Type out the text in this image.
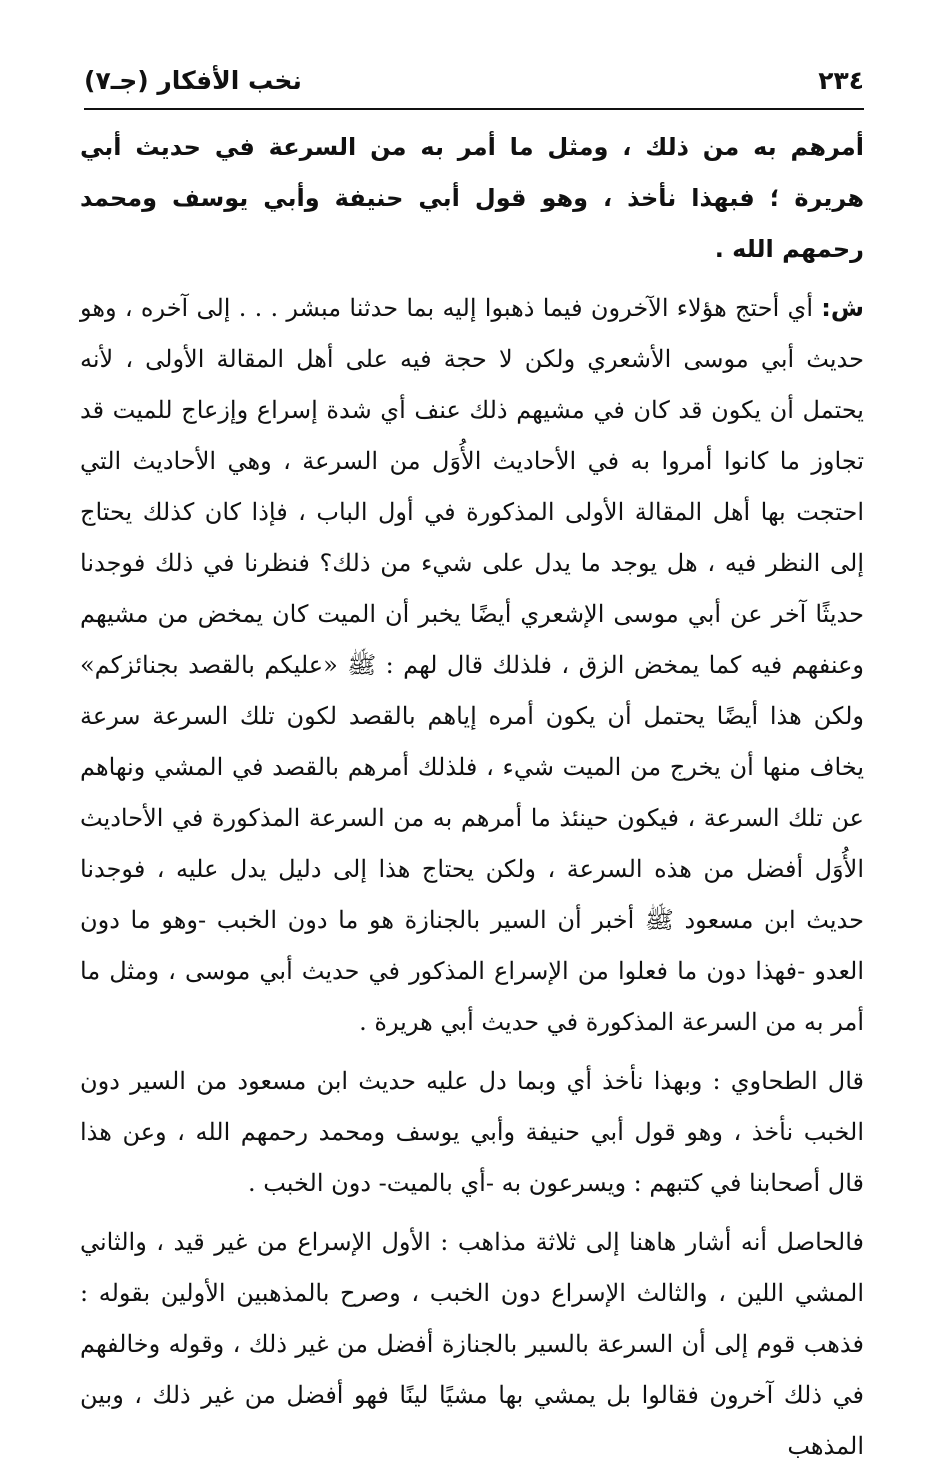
٢٣٤
نخب الأفكار (جـ٧)

أمرهم به من ذلك ، ومثل ما أمر به من السرعة في حديث أبي هريرة ؛ فبهذا نأخذ ، وهو قول أبي حنيفة وأبي يوسف ومحمد رحمهم الله .

ش: أي أحتج هؤلاء الآخرون فيما ذهبوا إليه بما حدثنا مبشر . . . إلى آخره ، وهو حديث أبي موسى الأشعري ولكن لا حجة فيه على أهل المقالة الأولى ، لأنه يحتمل أن يكون قد كان في مشيهم ذلك عنف أي شدة إسراع وإزعاج للميت قد تجاوز ما كانوا أمروا به في الأحاديث الأُوَل من السرعة ، وهي الأحاديث التي احتجت بها أهل المقالة الأولى المذكورة في أول الباب ، فإذا كان كذلك يحتاج إلى النظر فيه ، هل يوجد ما يدل على شيء من ذلك؟ فنظرنا في ذلك فوجدنا حديثًا آخر عن أبي موسى الإشعري أيضًا يخبر أن الميت كان يمخض من مشيهم وعنفهم فيه كما يمخض الزق ، فلذلك قال لهم : ﷺ «عليكم بالقصد بجنائزكم» ولكن هذا أيضًا يحتمل أن يكون أمره إياهم بالقصد لكون تلك السرعة سرعة يخاف منها أن يخرج من الميت شيء ، فلذلك أمرهم بالقصد في المشي ونهاهم عن تلك السرعة ، فيكون حينئذ ما أمرهم به من السرعة المذكورة في الأحاديث الأُوَل أفضل من هذه السرعة ، ولكن يحتاج هذا إلى دليل يدل عليه ، فوجدنا حديث ابن مسعود ﷺ أخبر أن السير بالجنازة هو ما دون الخبب -وهو ما دون العدو -فهذا دون ما فعلوا من الإسراع المذكور في حديث أبي موسى ، ومثل ما أمر به من السرعة المذكورة في حديث أبي هريرة .

قال الطحاوي : وبهذا نأخذ أي وبما دل عليه حديث ابن مسعود من السير دون الخبب نأخذ ، وهو قول أبي حنيفة وأبي يوسف ومحمد رحمهم الله ، وعن هذا قال أصحابنا في كتبهم : ويسرعون به -أي بالميت- دون الخبب .

فالحاصل أنه أشار هاهنا إلى ثلاثة مذاهب : الأول الإسراع من غير قيد ، والثاني المشي اللين ، والثالث الإسراع دون الخبب ، وصرح بالمذهبين الأولين بقوله : فذهب قوم إلى أن السرعة بالسير بالجنازة أفضل من غير ذلك ، وقوله وخالفهم في ذلك آخرون فقالوا بل يمشي بها مشيًا لينًا فهو أفضل من غير ذلك ، وبين المذهب
